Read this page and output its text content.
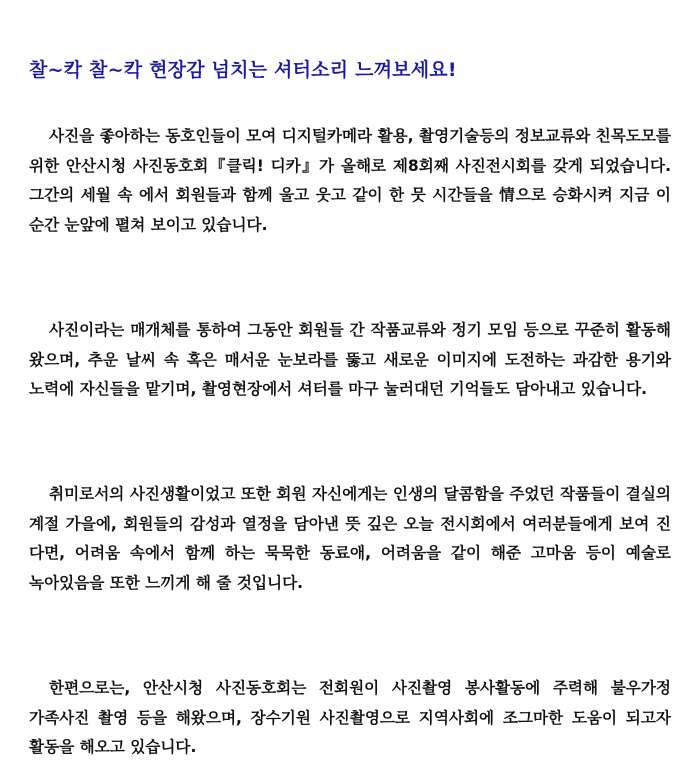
찰~칵 찰~칵 현장감 넘치는 셔터소리 느껴보세요!

사진을 좋아하는 동호인들이 모여 디지털카메라 활용, 촬영기술등의 정보교류와 친목도모를 위한 안산시청 사진동호회『클릭! 디카』가 올해로 제8회째 사진전시회를 갖게 되었습니다. 그간의 세월 속 에서 회원들과 함께 울고 웃고 같이 한 뭇 시간들을 情으로 승화시켜 지금 이 순간 눈앞에 펼쳐 보이고 있습니다.

사진이라는 매개체를 통하여 그동안 회원들 간 작품교류와 정기 모임 등으로 꾸준히 활동해 왔으며, 추운 날씨 속 혹은 매서운 눈보라를 뚫고 새로운 이미지에 도전하는 과감한 용기와 노력에 자신들을 맡기며, 촬영현장에서 셔터를 마구 눌러대던 기억들도 담아내고 있습니다.

취미로서의 사진생활이었고 또한 회원 자신에게는 인생의 달콤함을 주었던 작품들이 결실의 계절 가을에, 회원들의 감성과 열정을 담아낸 뜻 깊은 오늘 전시회에서 여러분들에게 보여 진 다면, 어려움 속에서 함께 하는 묵묵한 동료애, 어려움을 같이 해준 고마움 등이 예술로 녹아있음을 또한 느끼게 해 줄 것입니다.

한편으로는, 안산시청 사진동호회는 전회원이 사진촬영 봉사활동에 주력해 불우가정 가족사진 촬영 등을 해왔으며, 장수기원 사진촬영으로 지역사회에 조그마한 도움이 되고자 활동을 해오고 있습니다.
